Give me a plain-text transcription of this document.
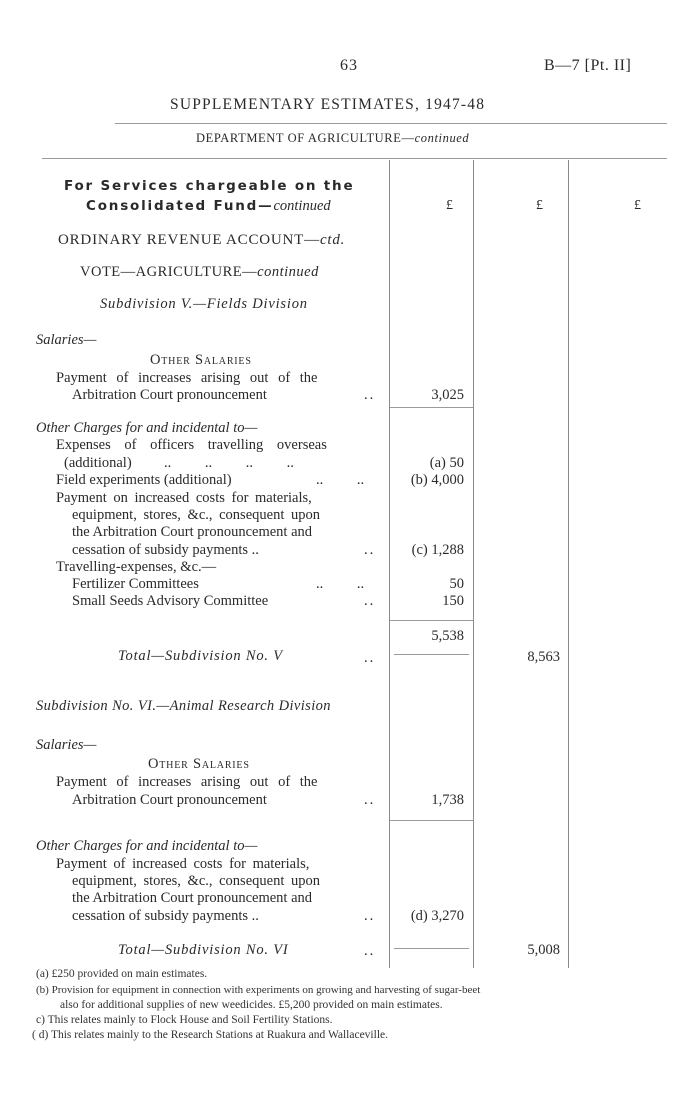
63	B—7 [Pt. II]
SUPPLEMENTARY ESTIMATES, 1947-48
DEPARTMENT OF AGRICULTURE—continued
£	£	£
For Services chargeable on the
Consolidated Fund—continued
ORDINARY REVENUE ACCOUNT—ctd.
VOTE—AGRICULTURE—continued
Subdivision V.—Fields Division
Salaries—
Other Salaries
Payment of increases arising out of the
Arbitration Court pronouncement	..	3,025
Other Charges for and incidental to—
Expenses of officers travelling overseas
(additional) .. .. .. ..	(a) 50
Field experiments (additional)	.. ..	(b) 4,000
Payment on increased costs for materials,
equipment, stores, &c., consequent upon
the Arbitration Court pronouncement and
cessation of subsidy payments ..	..	(c) 1,288
Travelling-expenses, &c.—
Fertilizer Committees	.. ..	50
Small Seeds Advisory Committee	..	150
5,538
Total—Subdivision No. V	..	8,563
Subdivision No. VI.—Animal Research Division
Salaries—
Other Salaries
Payment of increases arising out of the
Arbitration Court pronouncement	..	1,738
Other Charges for and incidental to—
Payment of increased costs for materials,
equipment, stores, &c., consequent upon
the Arbitration Court pronouncement and
cessation of subsidy payments ..	..	(d) 3,270
Total—Subdivision No. VI	..	5,008
(a) £250 provided on main estimates.
(b) Provision for equipment in connection with experiments on growing and harvesting of sugar-beet
also for additional supplies of new weedicides. £5,200 provided on main estimates.
c) This relates mainly to Flock House and Soil Fertility Stations.
( d) This relates mainly to the Research Stations at Ruakura and Wallaceville.
